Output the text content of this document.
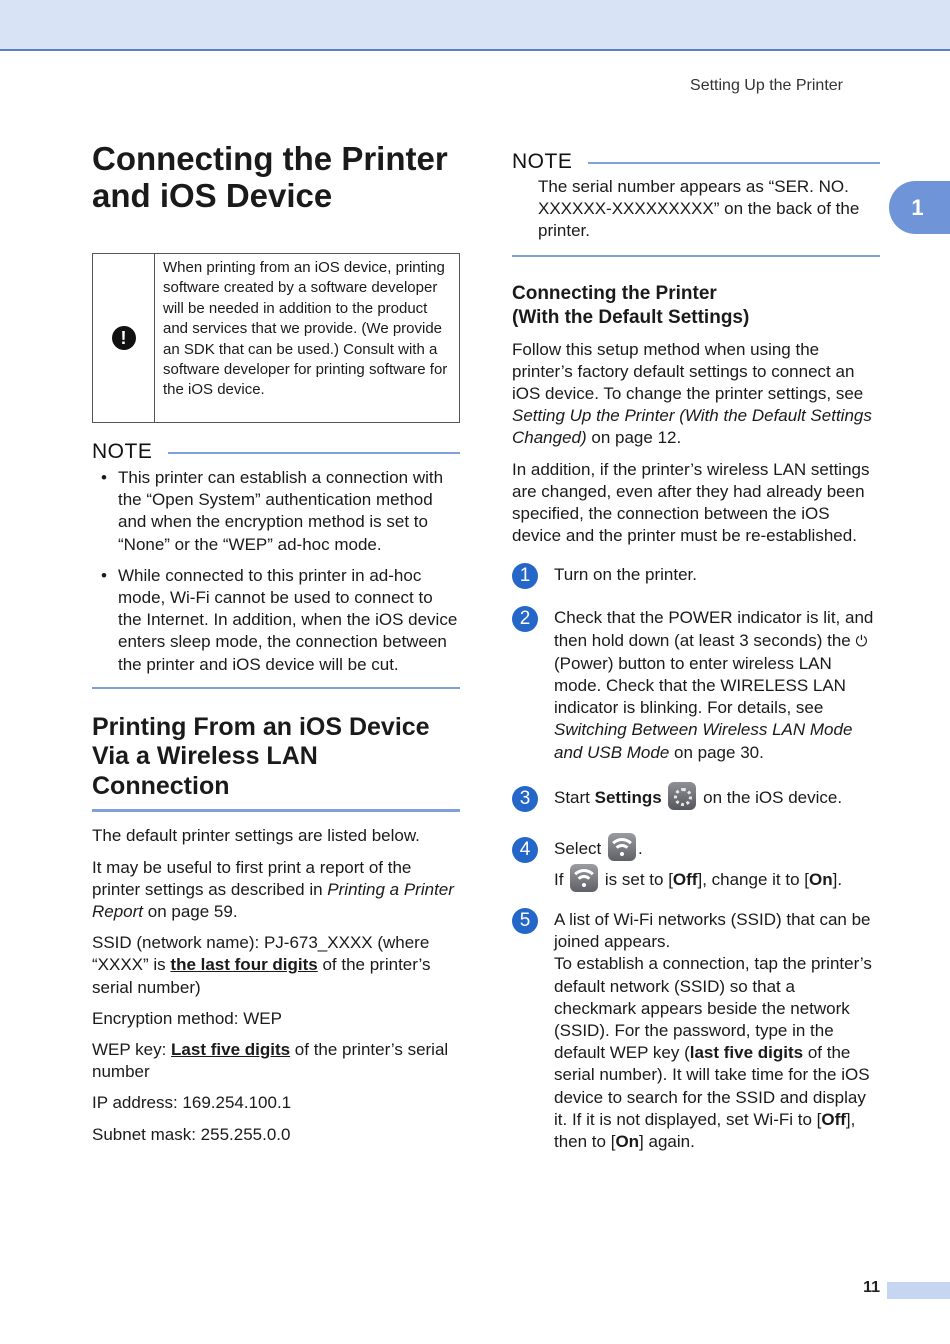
Setting Up the Printer
1
Connecting the Printer
and iOS Device
!
When printing from an iOS device, printing software created by a software developer will be needed in addition to the product and services that we provide. (We provide an SDK that can be used.) Consult with a software developer for printing software for the iOS device.
NOTE
• This printer can establish a connection with the “Open System” authentication method and when the encryption method is set to “None” or the “WEP” ad-hoc mode.
• While connected to this printer in ad-hoc mode, Wi-Fi cannot be used to connect to the Internet. In addition, when the iOS device enters sleep mode, the connection between the printer and iOS device will be cut.
Printing From an iOS Device
Via a Wireless LAN
Connection

The default printer settings are listed below.

It may be useful to first print a report of the printer settings as described in Printing a Printer Report on page 59.

SSID (network name): PJ-673_XXXX (where “XXXX” is the last four digits of the printer’s serial number)

Encryption method: WEP

WEP key: Last five digits of the printer’s serial number

IP address: 169.254.100.1

Subnet mask: 255.255.0.0

NOTE

The serial number appears as “SER. NO. XXXXXX-XXXXXXXXX” on the back of the printer.

Connecting the Printer
(With the Default Settings)

Follow this setup method when using the printer’s factory default settings to connect an iOS device. To change the printer settings, see Setting Up the Printer (With the Default Settings Changed) on page 12.

In addition, if the printer’s wireless LAN settings are changed, even after they had already been specified, the connection between the iOS device and the printer must be re-established.

1	Turn on the printer.
2	Check that the POWER indicator is lit, and then hold down (at least 3 seconds) the ⏻ (Power) button to enter wireless LAN mode. Check that the WIRELESS LAN indicator is blinking. For details, see Switching Between Wireless LAN Mode and USB Mode on page 30.
3	Start Settings  on the iOS device.
4	Select
.
If
is set to [Off], change it to [On].
5	A list of Wi-Fi networks (SSID) that can be joined appears.
To establish a connection, tap the printer’s default network (SSID) so that a checkmark appears beside the network (SSID). For the password, type in the default WEP key (last five digits of the serial number). It will take time for the iOS device to search for the SSID and display it. If it is not displayed, set Wi-Fi to [Off], then to [On] again.
11
